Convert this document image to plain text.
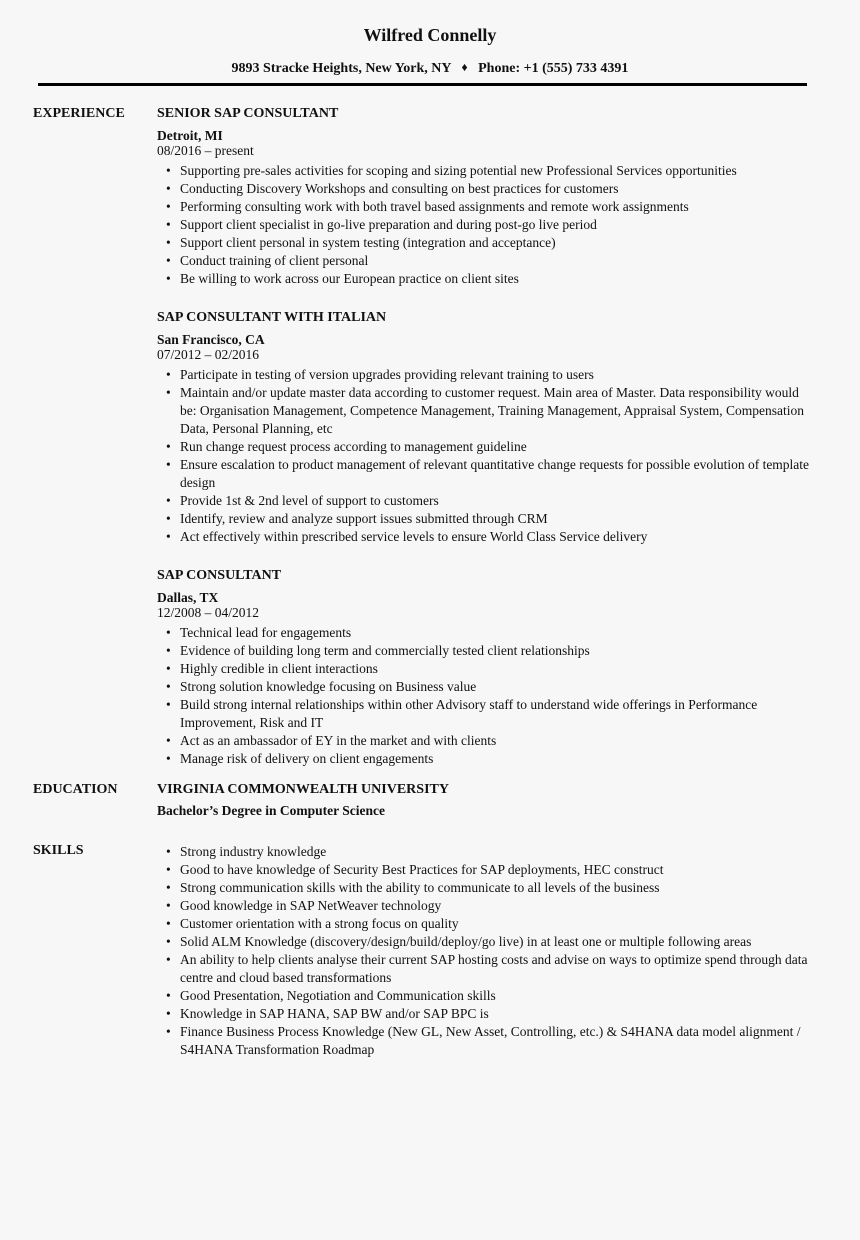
Wilfred Connelly
9893 Stracke Heights, New York, NY ♦ Phone: +1 (555) 733 4391
EXPERIENCE	SENIOR SAP CONSULTANT
Detroit, MI
08/2016 – present
• Supporting pre-sales activities for scoping and sizing potential new Professional Services opportunities
• Conducting Discovery Workshops and consulting on best practices for customers
• Performing consulting work with both travel based assignments and remote work assignments
• Support client specialist in go-live preparation and during post-go live period
• Support client personal in system testing (integration and acceptance)
• Conduct training of client personal
• Be willing to work across our European practice on client sites
SAP CONSULTANT WITH ITALIAN
San Francisco, CA
07/2012 – 02/2016
• Participate in testing of version upgrades providing relevant training to users
• Maintain and/or update master data according to customer request. Main area of Master. Data responsibility would be: Organisation Management, Competence Management, Training Management, Appraisal System, Compensation Data, Personal Planning, etc
• Run change request process according to management guideline
• Ensure escalation to product management of relevant quantitative change requests for possible evolution of template design
• Provide 1st & 2nd level of support to customers
• Identify, review and analyze support issues submitted through CRM
• Act effectively within prescribed service levels to ensure World Class Service delivery
SAP CONSULTANT
Dallas, TX
12/2008 – 04/2012
• Technical lead for engagements
• Evidence of building long term and commercially tested client relationships
• Highly credible in client interactions
• Strong solution knowledge focusing on Business value
• Build strong internal relationships within other Advisory staff to understand wide offerings in Performance Improvement, Risk and IT
• Act as an ambassador of EY in the market and with clients
• Manage risk of delivery on client engagements
EDUCATION	VIRGINIA COMMONWEALTH UNIVERSITY
Bachelor’s Degree in Computer Science
SKILLS	• Strong industry knowledge
• Good to have knowledge of Security Best Practices for SAP deployments, HEC construct
• Strong communication skills with the ability to communicate to all levels of the business
• Good knowledge in SAP NetWeaver technology
• Customer orientation with a strong focus on quality
• Solid ALM Knowledge (discovery/design/build/deploy/go live) in at least one or multiple following areas
• An ability to help clients analyse their current SAP hosting costs and advise on ways to optimize spend through data centre and cloud based transformations
• Good Presentation, Negotiation and Communication skills
• Knowledge in SAP HANA, SAP BW and/or SAP BPC is
• Finance Business Process Knowledge (New GL, New Asset, Controlling, etc.) & S4HANA data model alignment / S4HANA Transformation Roadmap
